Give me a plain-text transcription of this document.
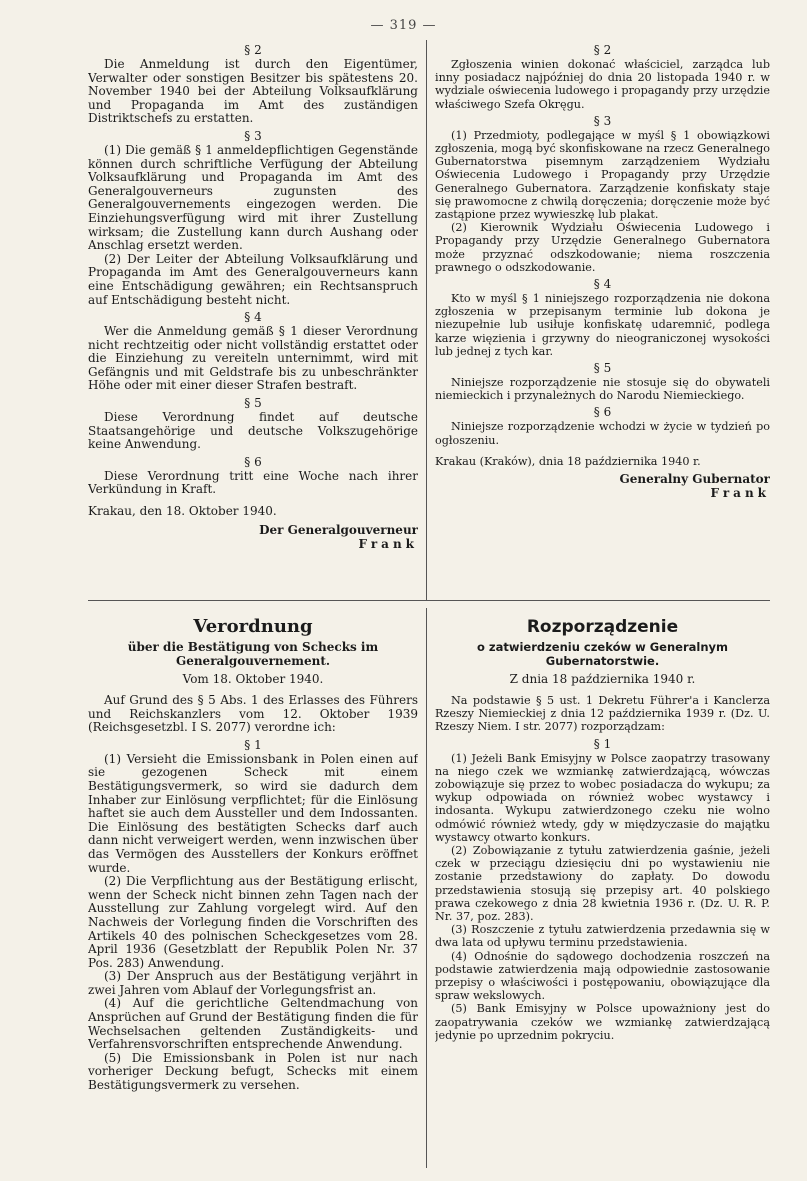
— 319 —
§ 2

Die Anmeldung ist durch den Eigentümer, Verwalter oder sonstigen Besitzer bis spätestens 20. November 1940 bei der Abteilung Volksaufklärung und Propaganda im Amt des zuständigen Distriktschefs zu erstatten.

§ 3

(1) Die gemäß § 1 anmeldepflichtigen Gegenstände können durch schriftliche Verfügung der Abteilung Volksaufklärung und Propaganda im Amt des Generalgouverneurs zugunsten des Generalgouvernements eingezogen werden. Die Einziehungsverfügung wird mit ihrer Zustellung wirksam; die Zustellung kann durch Aushang oder Anschlag ersetzt werden.

(2) Der Leiter der Abteilung Volksaufklärung und Propaganda im Amt des Generalgouverneurs kann eine Entschädigung gewähren; ein Rechtsanspruch auf Entschädigung besteht nicht.

§ 4

Wer die Anmeldung gemäß § 1 dieser Verordnung nicht rechtzeitig oder nicht vollständig erstattet oder die Einziehung zu vereiteln unternimmt, wird mit Gefängnis und mit Geldstrafe bis zu unbeschränkter Höhe oder mit einer dieser Strafen bestraft.

§ 5

Diese Verordnung findet auf deutsche Staatsangehörige und deutsche Volkszugehörige keine Anwendung.

§ 6

Diese Verordnung tritt eine Woche nach ihrer Verkündung in Kraft.

Krakau, den 18. Oktober 1940.

Der Generalgouverneur
Frank
§ 2

Zgłoszenia winien dokonać właściciel, zarządca lub inny posiadacz najpóźniej do dnia 20 listopada 1940 r. w wydziale oświecenia ludowego i propagandy przy urzędzie właściwego Szefa Okręgu.

§ 3

(1) Przedmioty, podlegające w myśl § 1 obowiązkowi zgłoszenia, mogą być skonfiskowane na rzecz Generalnego Gubernatorstwa pisemnym zarządzeniem Wydziału Oświecenia Ludowego i Propagandy przy Urzędzie Generalnego Gubernatora. Zarządzenie konfiskaty staje się prawomocne z chwilą doręczenia; doręczenie może być zastąpione przez wywieszkę lub plakat.

(2) Kierownik Wydziału Oświecenia Ludowego i Propagandy przy Urzędzie Generalnego Gubernatora może przyznać odszkodowanie; niema roszczenia prawnego o odszkodowanie.

§ 4

Kto w myśl § 1 niniejszego rozporządzenia nie dokona zgłoszenia w przepisanym terminie lub dokona je niezupełnie lub usiłuje konfiskatę udaremnić, podlega karze więzienia i grzywny do nieograniczonej wysokości lub jednej z tych kar.

§ 5

Niniejsze rozporządzenie nie stosuje się do obywateli niemieckich i przynależnych do Narodu Niemieckiego.

§ 6

Niniejsze rozporządzenie wchodzi w życie w tydzień po ogłoszeniu.

Krakau (Kraków), dnia 18 października 1940 r.

Generalny Gubernator
Frank
Verordnung
über die Bestätigung von Schecks im Generalgouvernement.
Vom 18. Oktober 1940.

Auf Grund des § 5 Abs. 1 des Erlasses des Führers und Reichskanzlers vom 12. Oktober 1939 (Reichsgesetzbl. I S. 2077) verordne ich:

§ 1

(1) Versieht die Emissionsbank in Polen einen auf sie gezogenen Scheck mit einem Bestätigungsvermerk, so wird sie dadurch dem Inhaber zur Einlösung verpflichtet; für die Einlösung haftet sie auch dem Aussteller und dem Indossanten. Die Einlösung des bestätigten Schecks darf auch dann nicht verweigert werden, wenn inzwischen über das Vermögen des Ausstellers der Konkurs eröffnet wurde.

(2) Die Verpflichtung aus der Bestätigung erlischt, wenn der Scheck nicht binnen zehn Tagen nach der Ausstellung zur Zahlung vorgelegt wird. Auf den Nachweis der Vorlegung finden die Vorschriften des Artikels 40 des polnischen Scheckgesetzes vom 28. April 1936 (Gesetzblatt der Republik Polen Nr. 37 Pos. 283) Anwendung.

(3) Der Anspruch aus der Bestätigung verjährt in zwei Jahren vom Ablauf der Vorlegungsfrist an.

(4) Auf die gerichtliche Geltendmachung von Ansprüchen auf Grund der Bestätigung finden die für Wechselsachen geltenden Zuständigkeits- und Verfahrensvorschriften entsprechende Anwendung.

(5) Die Emissionsbank in Polen ist nur nach vorheriger Deckung befugt, Schecks mit einem Bestätigungsvermerk zu versehen.

Rozporządzenie
o zatwierdzeniu czeków w Generalnym Gubernatorstwie.
Z dnia 18 października 1940 r.

Na podstawie § 5 ust. 1 Dekretu Führer'a i Kanclerza Rzeszy Niemieckiej z dnia 12 października 1939 r. (Dz. U. Rzeszy Niem. I str. 2077) rozporządzam:

§ 1

(1) Jeżeli Bank Emisyjny w Polsce zaopatrzy trasowany na niego czek we wzmiankę zatwierdzającą, wówczas zobowiązuje się przez to wobec posiadacza do wykupu; za wykup odpowiada on również wobec wystawcy i indosanta. Wykupu zatwierdzonego czeku nie wolno odmówić również wtedy, gdy w międzyczasie do majątku wystawcy otwarto konkurs.

(2) Zobowiązanie z tytułu zatwierdzenia gaśnie, jeżeli czek w przeciągu dziesięciu dni po wystawieniu nie zostanie przedstawiony do zapłaty. Do dowodu przedstawienia stosują się przepisy art. 40 polskiego prawa czekowego z dnia 28 kwietnia 1936 r. (Dz. U. R. P. Nr. 37, poz. 283).

(3) Roszczenie z tytułu zatwierdzenia przedawnia się w dwa lata od upływu terminu przedstawienia.

(4) Odnośnie do sądowego dochodzenia roszczeń na podstawie zatwierdzenia mają odpowiednie zastosowanie przepisy o właściwości i postępowaniu, obowiązujące dla spraw wekslowych.

(5) Bank Emisyjny w Polsce upoważniony jest do zaopatrywania czeków we wzmiankę zatwierdzającą jedynie po uprzednim pokryciu.
